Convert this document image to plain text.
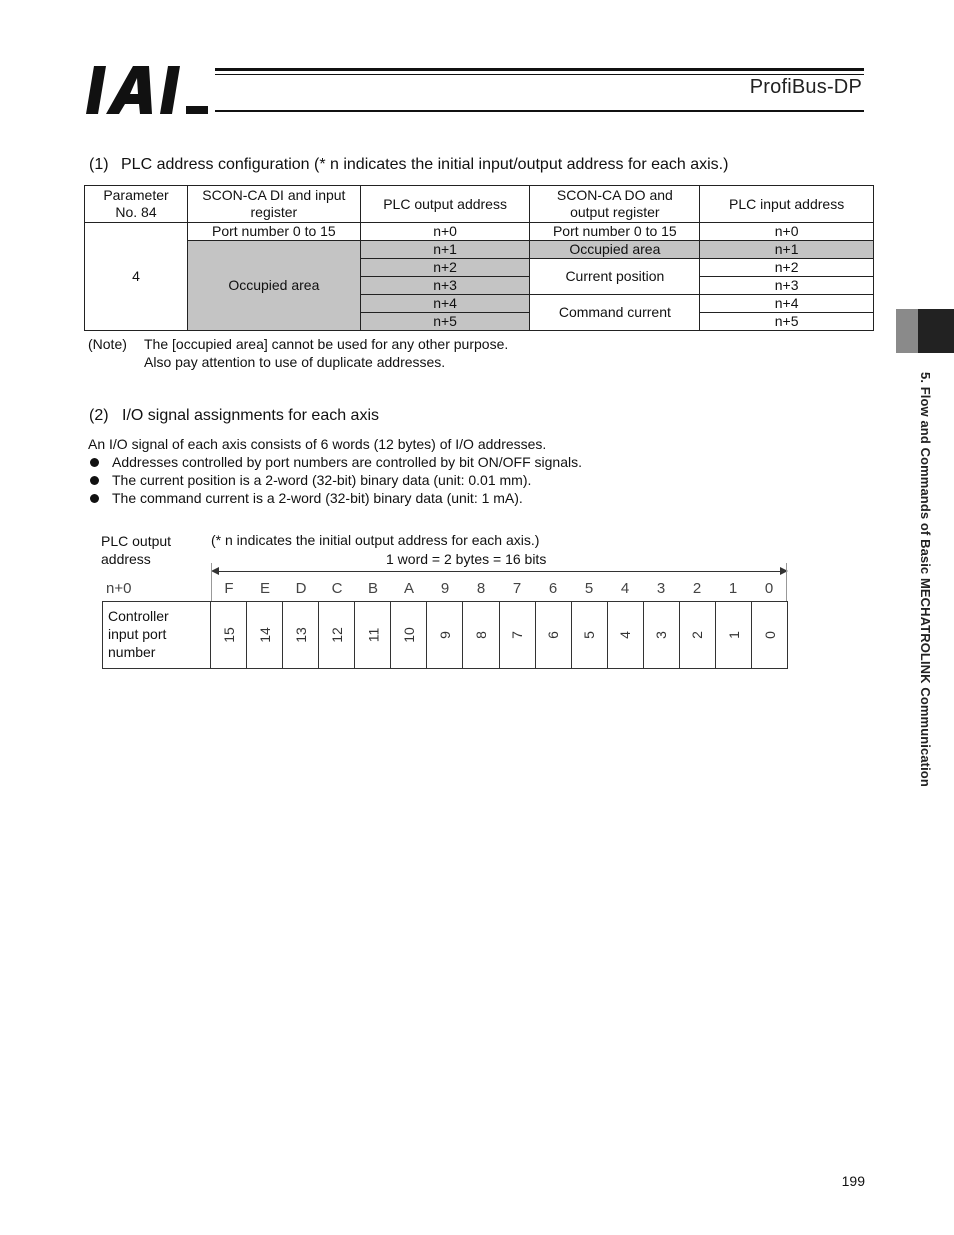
ProfiBus-DP
5. Flow and Commands of Basic MECHATROLINK Communication
(1) PLC address configuration (* n indicates the initial input/output address for each axis.)
Parameter No. 84	SCON-CA DI and input register	PLC output address	SCON-CA DO and output register	PLC input address
4	Port number 0 to 15	n+0	Port number 0 to 15	n+0
	Occupied area	n+1	Occupied area	n+1
		n+2	Current position	n+2
		n+3		n+3
		n+4	Command current	n+4
		n+5		n+5
(Note) The [occupied area] cannot be used for any other purpose.
Also pay attention to use of duplicate addresses.
(2) I/O signal assignments for each axis
An I/O signal of each axis consists of 6 words (12 bytes) of I/O addresses.
Addresses controlled by port numbers are controlled by bit ON/OFF signals.
The current position is a 2-word (32-bit) binary data (unit: 0.01 mm).
The command current is a 2-word (32-bit) binary data (unit: 1 mA).
PLC output
address
(* n indicates the initial output address for each axis.)
1 word = 2 bytes = 16 bits
n+0	F	E	D	C	B	A	9	8	7	6	5	4	3	2	1	0
Controller
input port
number
15 14 13 12 11 10 9 8 7 6 5 4 3 2 1 0
199
